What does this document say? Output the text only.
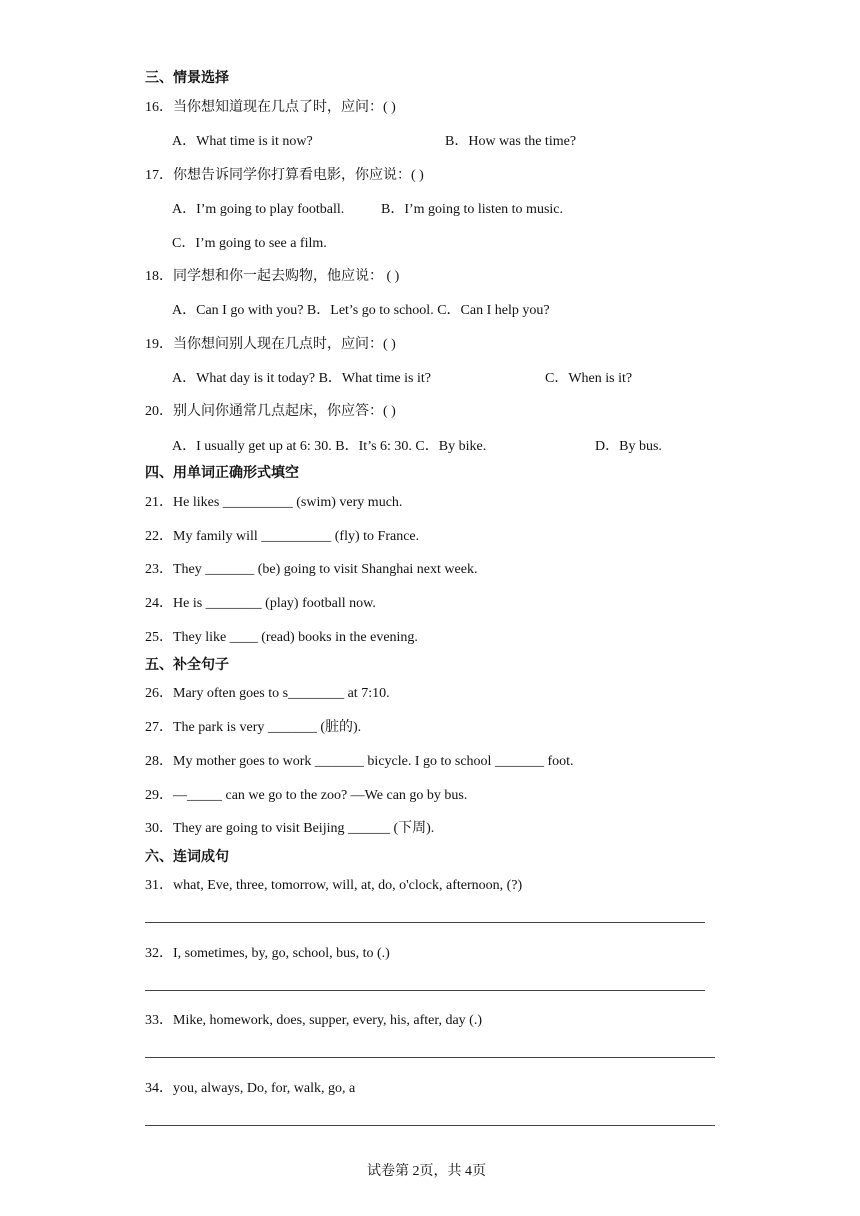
三、情景选择
16．当你想知道现在几点了时，应问：( )
A．What time is it now?	B．How was the time?
17．你想告诉同学你打算看电影，你应说：( )
A．I’m going to play football.	B．I’m going to listen to music.
C．I’m going to see a film.
18．同学想和你一起去购物，他应说： ( )
A．Can I go with you? B．Let’s go to school. C．Can I help you?
19．当你想问别人现在几点时，应问：( )
A．What day is it today? B．What time is it?	C．When is it?
20．别人问你通常几点起床，你应答：( )
A．I usually get up at 6: 30. B．It’s 6: 30. C．By bike.	D．By bus.
四、用单词正确形式填空
21．He likes __________ (swim) very much.
22．My family will __________ (fly) to France.
23．They _______ (be) going to visit Shanghai next week.
24．He is ________ (play) football now.
25．They like ____ (read) books in the evening.
五、补全句子
26．Mary often goes to s________ at 7:10.
27．The park is very _______ (脏的).
28．My mother goes to work _______ bicycle. I go to school _______ foot.
29．—_____ can we go to the zoo? —We can go by bus.
30．They are going to visit Beijing ______ (下周).
六、连词成句
31．what, Eve, three, tomorrow, will, at, do, o'clock, afternoon, (?)
32．I, sometimes, by, go, school, bus, to (.)
33．Mike, homework, does, supper, every, his, after, day (.)
34．you, always, Do, for, walk, go, a
试卷第 2页，共 4页
